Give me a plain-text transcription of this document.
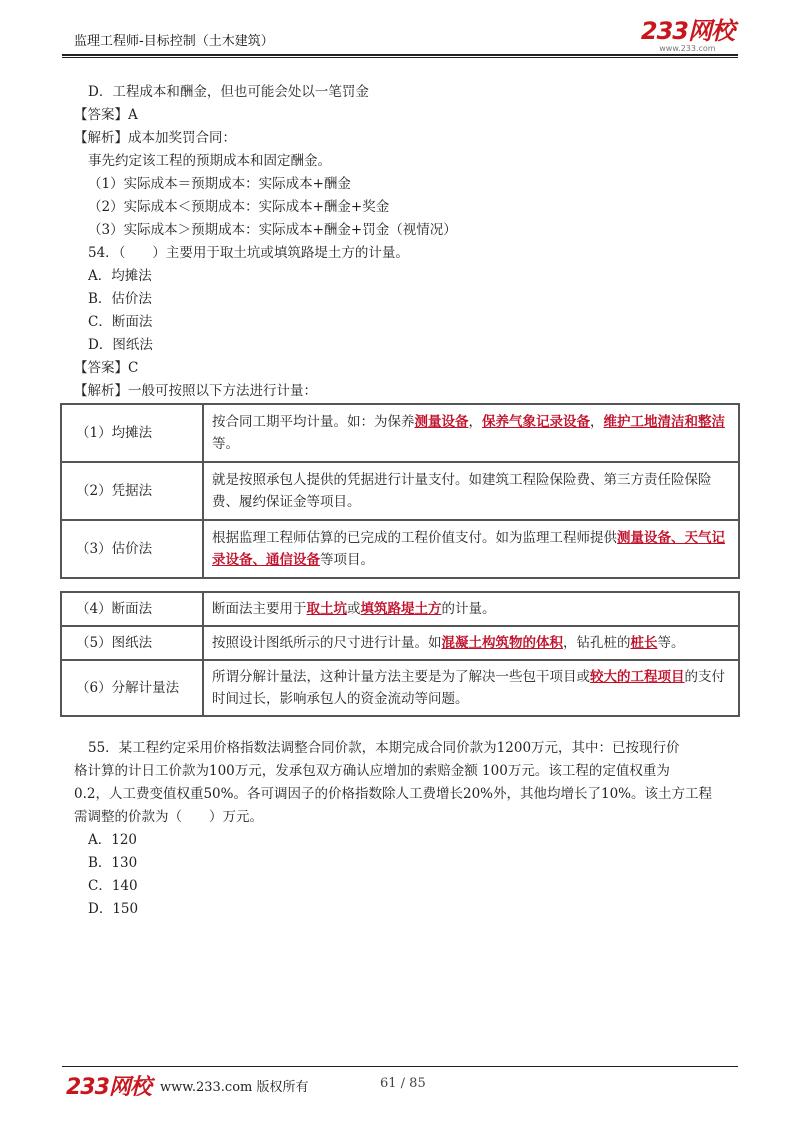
监理工程师-目标控制（土木建筑）	233网校
www.233.com
D．工程成本和酬金，但也可能会处以一笔罚金
【答案】A
【解析】成本加奖罚合同：
事先约定该工程的预期成本和固定酬金。
（1）实际成本＝预期成本：实际成本+酬金
（2）实际成本＜预期成本：实际成本+酬金+奖金
（3）实际成本＞预期成本：实际成本+酬金+罚金（视情况）
54．（　　）主要用于取土坑或填筑路堤土方的计量。
A．均摊法
B．估价法
C．断面法
D．图纸法
【答案】C
【解析】一般可按照以下方法进行计量：
（1）均摊法	按合同工期平均计量。如：为保养测量设备，保养气象记录设备，维护工地清洁和整洁等。
（2）凭据法	就是按照承包人提供的凭据进行计量支付。如建筑工程险保险费、第三方责任险保险费、履约保证金等项目。
（3）估价法	根据监理工程师估算的已完成的工程价值支付。如为监理工程师提供测量设备、天气记录设备、通信设备等项目。
（4）断面法	断面法主要用于取土坑或填筑路堤土方的计量。
（5）图纸法	按照设计图纸所示的尺寸进行计量。如混凝土构筑物的体积，钻孔桩的桩长等。
（6）分解计量法	所谓分解计量法，这种计量方法主要是为了解决一些包干项目或较大的工程项目的支付时间过长，影响承包人的资金流动等问题。
55．某工程约定采用价格指数法调整合同价款，本期完成合同价款为1200万元，其中：已按现行价
格计算的计日工价款为100万元，发承包双方确认应增加的索赔金额 100万元。该工程的定值权重为
0.2，人工费变值权重50%。各可调因子的价格指数除人工费增长20%外，其他均增长了10%。该土方工程
需调整的价款为（　　）万元。
A．120
B．130
C．140
D．150
233网校 www.233.com 版权所有	61 / 85
